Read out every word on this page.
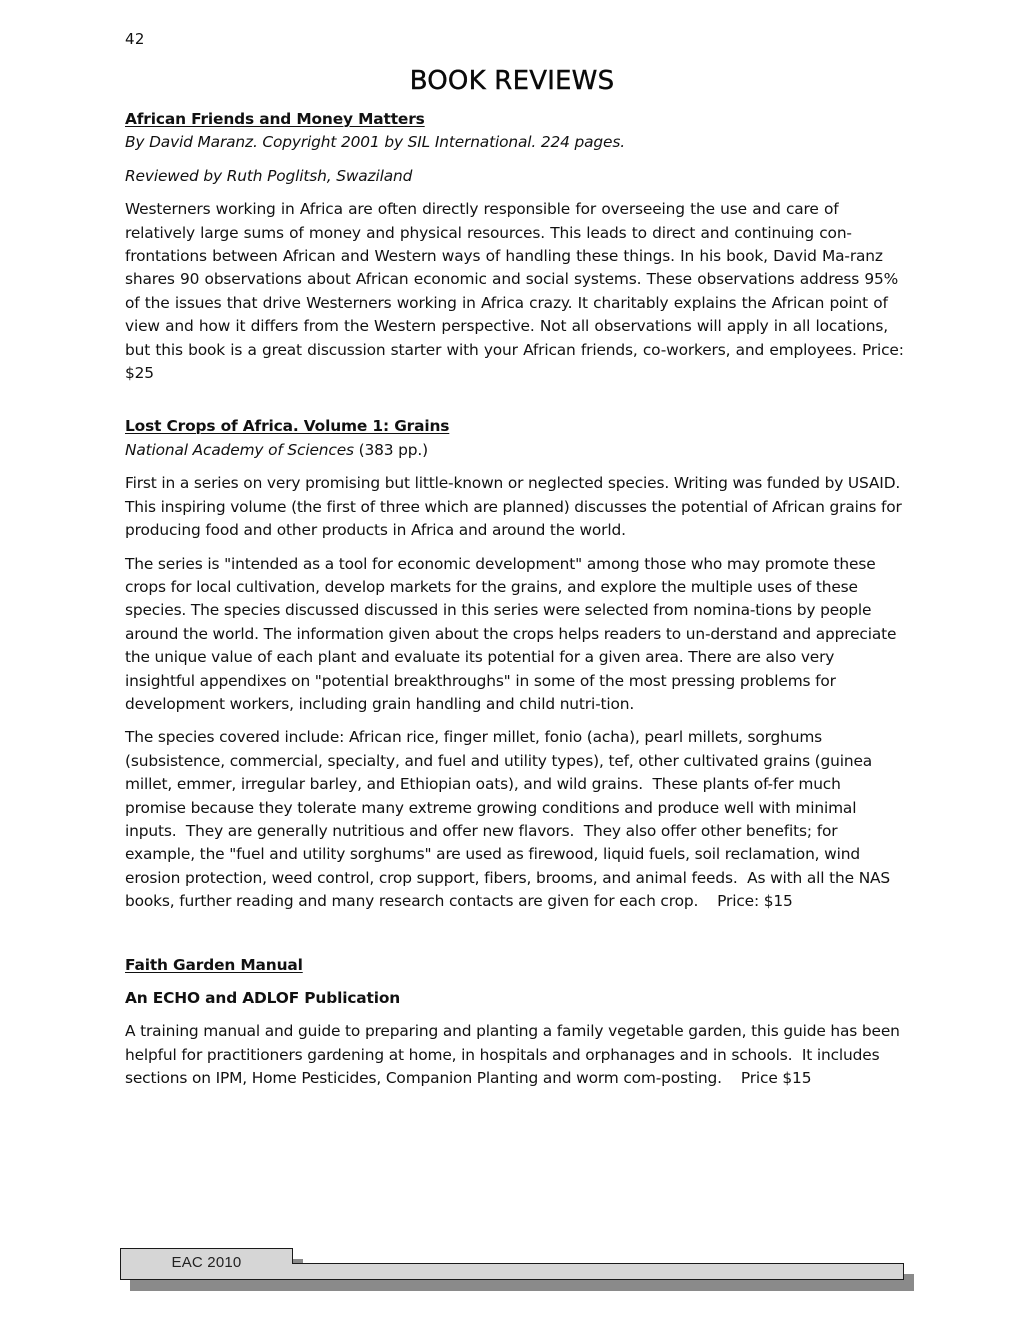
42
BOOK REVIEWS

African Friends and Money Matters

By David Maranz. Copyright 2001 by SIL International. 224 pages.

Reviewed by Ruth Poglitsh, Swaziland

Westerners working in Africa are often directly responsible for overseeing the use and care of relatively large sums of money and physical resources. This leads to direct and continuing con-frontations between African and Western ways of handling these things. In his book, David Ma-ranz shares 90 observations about African economic and social systems. These observations address 95% of the issues that drive Westerners working in Africa crazy. It charitably explains the African point of view and how it differs from the Western perspective. Not all observations will apply in all locations, but this book is a great discussion starter with your African friends, co-workers, and employees. Price: $25

Lost Crops of Africa. Volume 1: Grains

National Academy of Sciences (383 pp.)

First in a series on very promising but little-known or neglected species. Writing was funded by USAID. This inspiring volume (the first of three which are planned) discusses the potential of African grains for producing food and other products in Africa and around the world.

The series is "intended as a tool for economic development" among those who may promote these crops for local cultivation, develop markets for the grains, and explore the multiple uses of these species. The species discussed discussed in this series were selected from nomina-tions by people around the world. The information given about the crops helps readers to un-derstand and appreciate the unique value of each plant and evaluate its potential for a given area. There are also very insightful appendixes on "potential breakthroughs" in some of the most pressing problems for development workers, including grain handling and child nutri-tion.

The species covered include: African rice, finger millet, fonio (acha), pearl millets, sorghums (subsistence, commercial, specialty, and fuel and utility types), tef, other cultivated grains (guinea millet, emmer, irregular barley, and Ethiopian oats), and wild grains.  These plants of-fer much promise because they tolerate many extreme growing conditions and produce well with minimal inputs.  They are generally nutritious and offer new flavors.  They also offer other benefits; for example, the "fuel and utility sorghums" are used as firewood, liquid fuels, soil reclamation, wind erosion protection, weed control, crop support, fibers, brooms, and animal feeds.  As with all the NAS books, further reading and many research contacts are given for each crop.    Price: $15

Faith Garden Manual

An ECHO and ADLOF Publication

A training manual and guide to preparing and planting a family vegetable garden, this guide has been helpful for practitioners gardening at home, in hospitals and orphanages and in schools.  It includes sections on IPM, Home Pesticides, Companion Planting and worm com-posting.    Price $15

EAC 2010
